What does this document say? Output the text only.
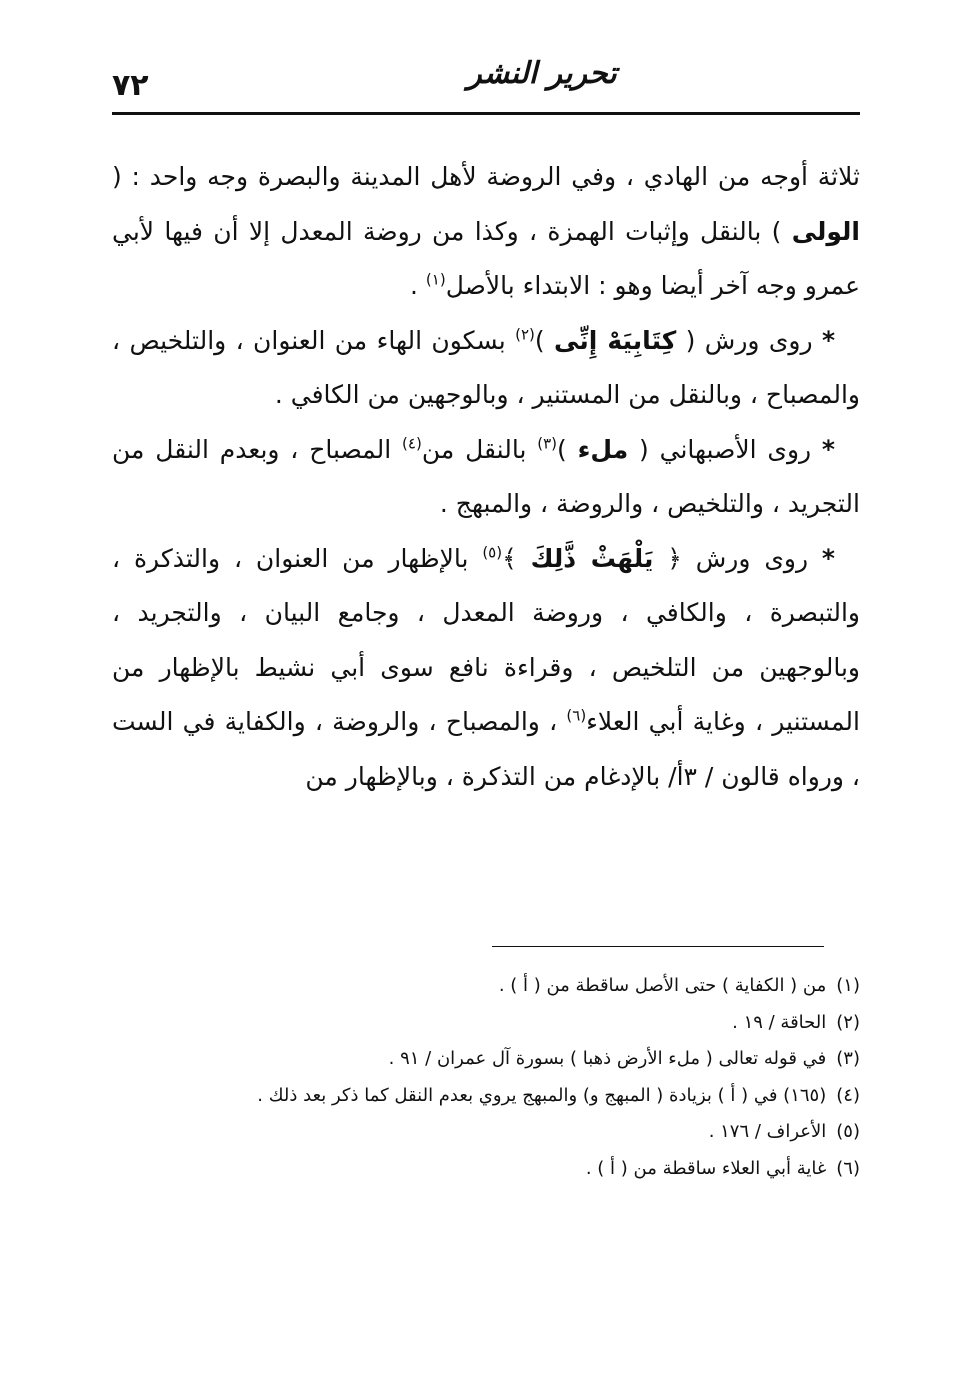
٧٢	تحرير النشر

ثلاثة أوجه من الهادي ، وفي الروضة لأهل المدينة والبصرة وجه واحد : ( الولى ) بالنقل وإثبات الهمزة ، وكذا من روضة المعدل إلا أن فيها لأبي عمرو وجه آخر أيضا وهو : الابتداء بالأصل$^{(١)}$ .

 * روى ورش ( كِتَابِيَهْ إِنِّى )$^{(٢)}$ بسكون الهاء من العنوان ، والتلخيص ، والمصباح ، وبالنقل من المستنير ، وبالوجهين من الكافي .

 * روى الأصبهاني ( ملء )$^{(٣)}$ بالنقل من$^{(٤)}$ المصباح ، وبعدم النقل من التجريد ، والتلخيص ، والروضة ، والمبهج .

 * روى ورش ﴿ يَلْهَثْ ذَّلِكَ ﴾$^{(٥)}$ بالإظهار من العنوان ، والتذكرة ، والتبصرة ، والكافي ، وروضة المعدل ، وجامع البيان ، والتجريد ، وبالوجهين من التلخيص ، وقراءة نافع سوى أبي نشيط بالإظهار من المستنير ، وغاية أبي العلاء$^{(٦)}$ ، والمصباح ، والروضة ، والكفاية في الست ، ورواه قالون / ٣أ/ بالإدغام من التذكرة ، وبالإظهار من

(١)من ( الكفاية ) حتى الأصل ساقطة من ( أ ) .
(٢)الحاقة / ١٩ .
(٣)في قوله تعالى ( ملء الأرض ذهبا ) بسورة آل عمران / ٩١ .
(٤)(١٦٥) في ( أ ) بزيادة ( المبهج و) والمبهج يروي بعدم النقل كما ذكر بعد ذلك .
(٥)الأعراف / ١٧٦ .
(٦)غاية أبي العلاء ساقطة من ( أ ) .
